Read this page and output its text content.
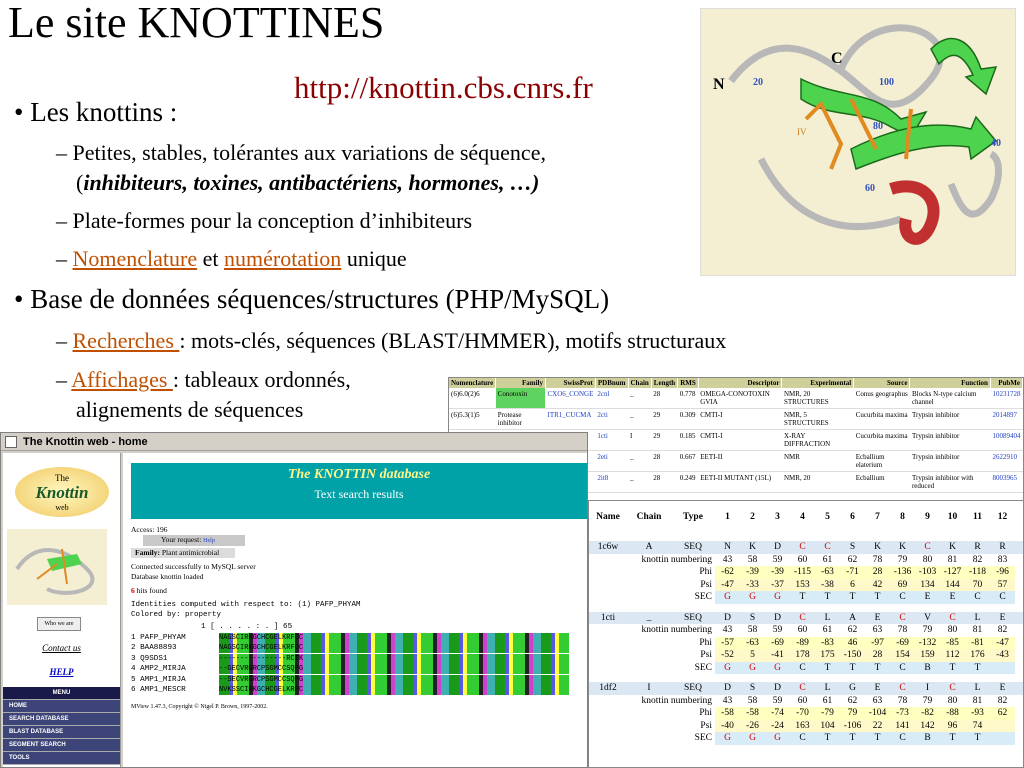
Le site KNOTTINES
http://knottin.cbs.cnrs.fr
• Les knottins :
– Petites, stables, tolérantes aux variations de séquence,
(inhibiteurs, toxines, antibactériens, hormones, …)
– Plate-formes pour la conception d’inhibiteurs
– Nomenclature et numérotation unique
• Base de données séquences/structures (PHP/MySQL)
– Recherches : mots-clés, séquences (BLAST/HMMER), motifs structuraux
– Affichages : tableaux ordonnés,
alignements de séquences
N
C
20	100
80
40
60
IV
Nomenclature	Family	SwissProt	PDBnum	Chain	Length	RMS	Descriptor	Experimental	Source	Function	PubMe
(6)6.0(2)6	Conotoxin	CXO6_CONGE	2cnl	_	28	0.778	OMEGA-CONOTOXIN GVIA	NMR, 20 STRUCTURES	Conus geographus	Blocks N-type calcium channel	10231728
(6)5.3(1)5	Protease inhibitor	ITR1_CUCMA	2cti	_	29	0.309	CMTI-I	NMR, 5 STRUCTURES	Cucurbita maxima	Trypsin inhibitor	2014897
			1cti	I	29	0.185	CMTI-I	X-RAY DIFFRACTION	Cucurbita maxima	Trypsin inhibitor	10089404
			2eti	_	28	0.667	EETI-II	NMR	Ecballium elaterium	Trypsin inhibitor	2622910
			2it8	_	28	0.249	EETI-II MUTANT (15L)	NMR, 20	Ecballium	Trypsin inhibitor with reduced	8003965
Name	Chain	Type	1	2	3	4	5	6	7	8	9	10	11	12
1c6w	A	SEQ	N	K	D	C	C	S	K	K	C	K	R	R
knottin numbering	43	58	59	60	61	62	78	79	80	81	82	83
Phi -62	-39	-39	-115	-63	-71	28	-136 -103 -127 -118	-96
Psi -47	-33	-37	153	-38	6	42	69	134	144	70	57
SEC	G	G	G	T	T	T	T	C	E	E	C	C
1cti	_	SEQ	D	S	D	C	L	A	E	C	V	C	L	E
knottin numbering	43	58	59	60	61	62	63	78	79	80	81	82
Phi -57	-63	-69	-89	-83	46	-97	-69	-132	-85	-81	-47
Psi -52	5	-41	178	175 -150	28	154	159	112	176	-43
SEC	G	G	G	C	T	T	T	C	B	T	T
1df2	I	SEQ	D	S	D	C	L	G	E	C	I	C	L	E
knottin numbering	43	58	59	60	61	62	63	78	79	80	81	82
Phi -58	-58	-74	-70	-79	79	-104	-73	-82	-88	-93	62
Psi -40	-26	-24	163	104 -106	22	141	142	96	74
SEC	G	G	G	C	T	T	T	C	B	T	T
The Knottin web - home
The
Knottin
web
Who we are
Contact us
HELP
MENU
HOME
SEARCH DATABASE
BLAST DATABASE
SEGMENT SEARCH
TOOLS
The KNOTTIN database
Text search results
Access: 196
Your request: Help
Family: Plant antimicrobial
Connected successfully to MySQL server
Database knottin loaded
6 hits found
Identities computed with respect to: (1) PAFP_PHYAM
Colored by: property
1 [ . . . . : . ] 65
1 PAFP_PHYAM	NAGSCIRKGCHCGELKRFCC
2 BAA88893	NAGSCIRKGCHCGELKRFCC
3 Q9SDS1	----------------RCIK
4 AMP2_MIRJA	--GECVRGRCPSGMCCSQFG
5 AMP1_MIRJA	--SECVRGRCPSGMCCSQFG
6 AMP1_MESCR	NVKSSCIRKGCHCGELKRFC
MView 1.47.3, Copyright © Nigel P. Brown, 1997-2002.
